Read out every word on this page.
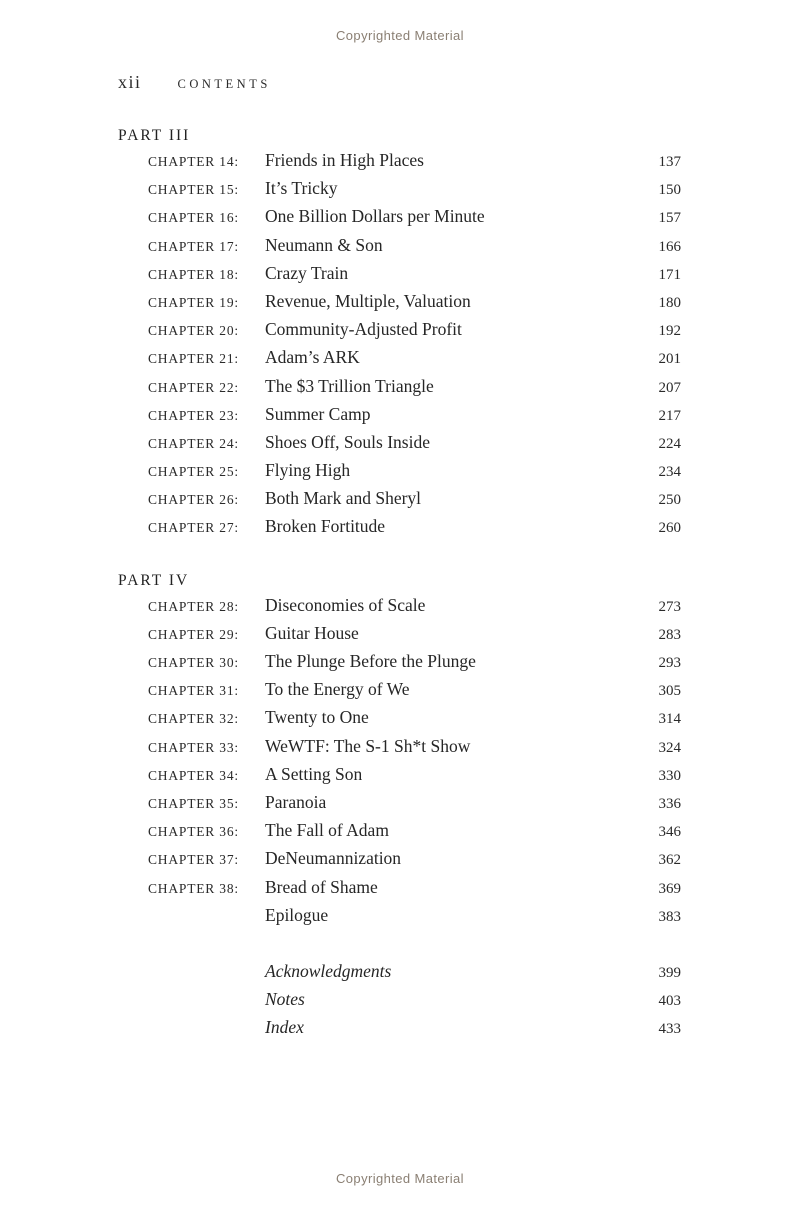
Copyrighted Material
xii	CONTENTS
PART III
CHAPTER 14:	Friends in High Places	137
CHAPTER 15:	It’s Tricky	150
CHAPTER 16:	One Billion Dollars per Minute	157
CHAPTER 17:	Neumann & Son	166
CHAPTER 18:	Crazy Train	171
CHAPTER 19:	Revenue, Multiple, Valuation	180
CHAPTER 20:	Community-Adjusted Profit	192
CHAPTER 21:	Adam’s ARK	201
CHAPTER 22:	The $3 Trillion Triangle	207
CHAPTER 23:	Summer Camp	217
CHAPTER 24:	Shoes Off, Souls Inside	224
CHAPTER 25:	Flying High	234
CHAPTER 26:	Both Mark and Sheryl	250
CHAPTER 27:	Broken Fortitude	260
PART IV
CHAPTER 28:	Diseconomies of Scale	273
CHAPTER 29:	Guitar House	283
CHAPTER 30:	The Plunge Before the Plunge	293
CHAPTER 31:	To the Energy of We	305
CHAPTER 32:	Twenty to One	314
CHAPTER 33:	WeWTF: The S-1 Sh*t Show	324
CHAPTER 34:	A Setting Son	330
CHAPTER 35:	Paranoia	336
CHAPTER 36:	The Fall of Adam	346
CHAPTER 37:	DeNeumannization	362
CHAPTER 38:	Bread of Shame	369
Epilogue	383
Acknowledgments	399
Notes	403
Index	433
Copyrighted Material
